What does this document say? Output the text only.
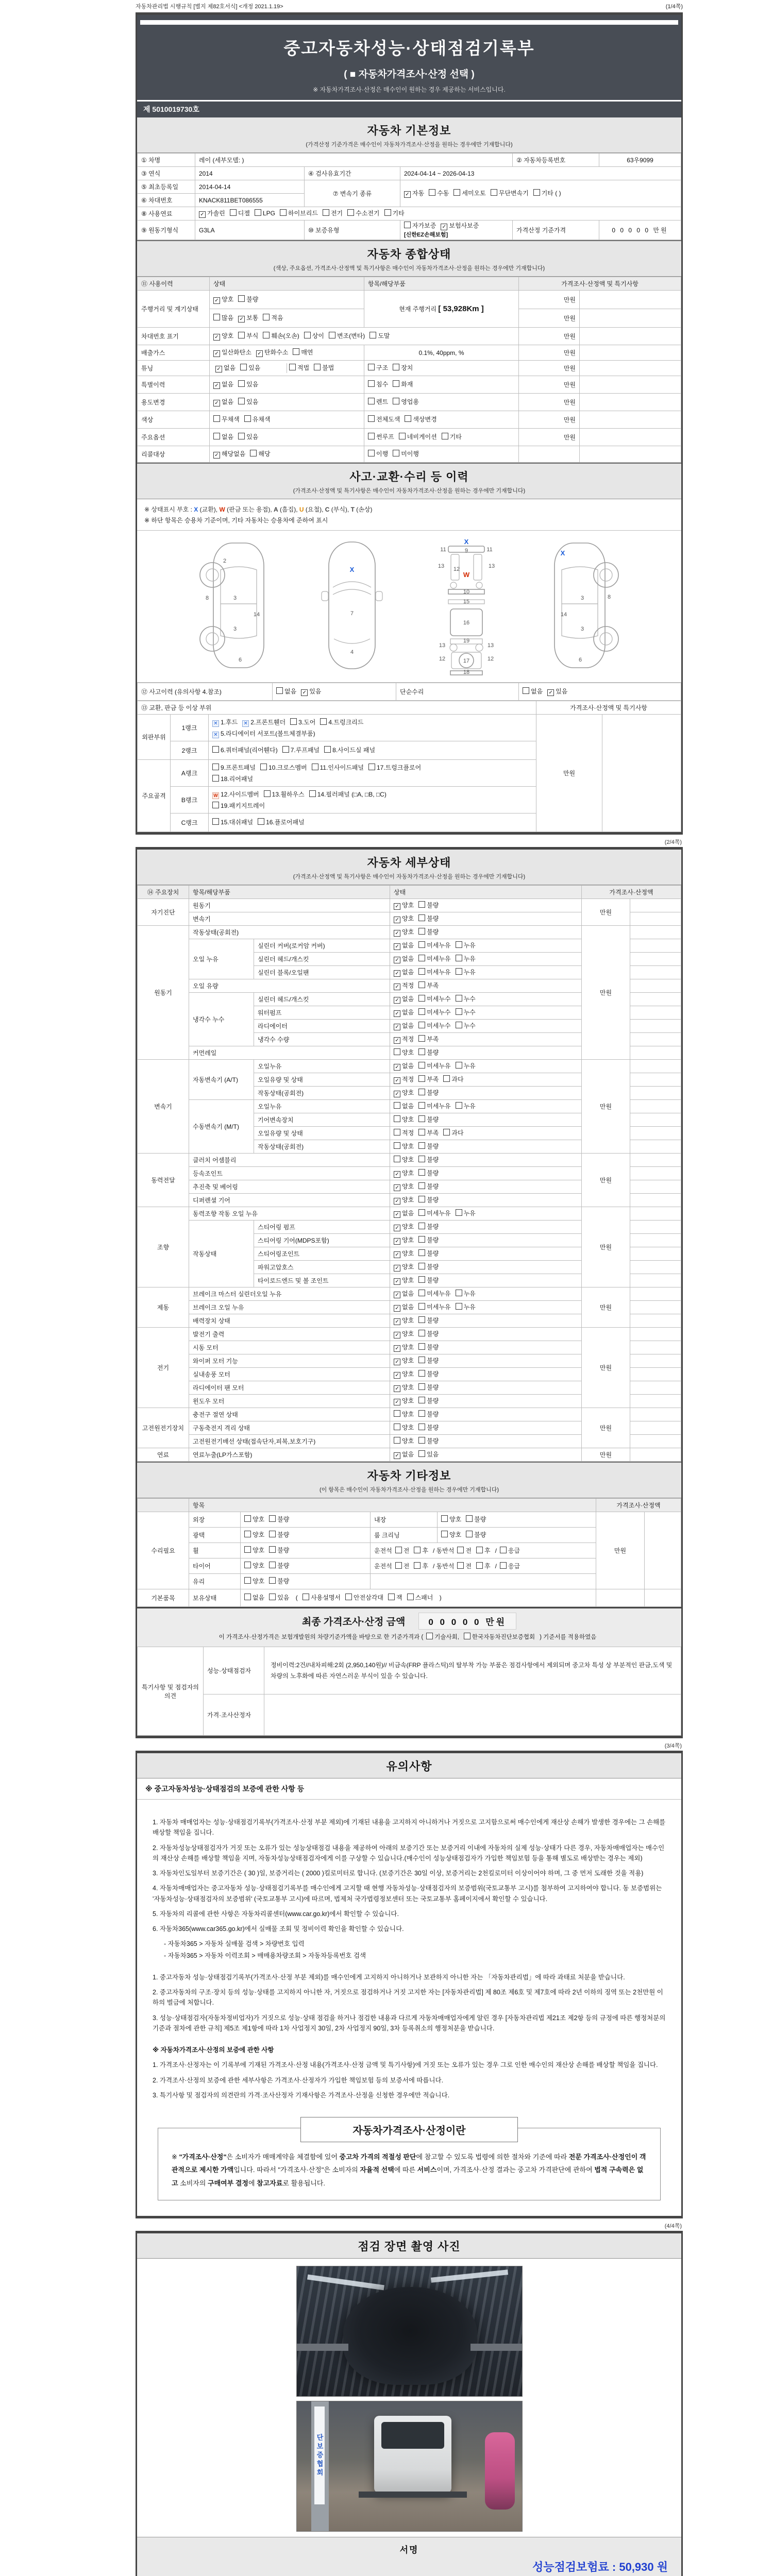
자동차관리법 시행규칙 [별지 제82호서식] <개정 2021.1.19>	(1/4쪽)
중고자동차성능·상태점검기록부
( ■ 자동차가격조사·산정 선택 )
※ 자동차가격조사·산정은 매수인이 원하는 경우 제공하는 서비스입니다.
제 5010019730호
자동차 기본정보
(가격산정 기준가격은 매수인이 자동차가격조사·산정을 원하는 경우에만 기재합니다)
① 차명	레이 (세부모델: )			② 자동차등록번호	63우9099
③ 연식	2014	④ 검사유효기간	2024-04-14 ~ 2026-04-13		
⑤ 최초등록일	2014-04-14	⑦ 변속기 종류	✓ 자동 수동 세미오토 무단변속기 기타 ( )		
⑥ 차대번호	KNACK811BET086555				
⑧ 사용연료	✓ 가솔린 디젤 LPG 하이브리드 전기 수소전기 기타				
⑨ 원동기형식	G3LA	⑩ 보증유형	자가보증 ✓ 보험사보증 [신한EZ손해보험]	가격산정 기준가격	0 0 0 0 0 만원
자동차 종합상태
(색상, 주요옵션, 가격조사·산정액 및 특기사항은 매수인이 자동차가격조사·산정을 원하는 경우에만 기재합니다)
⑪ 사용이력	상태	항목/해당부품	가격조사·산정액 및 특기사항	
주행거리 및 계기상태	✓ 양호 불량	현재 주행거리 [ 53,928Km ]	만원	
	많음 ✓ 보통 적음		만원	
차대번호 표기	✓ 양호 부식 훼손(오손) 상이 변조(변타) 도말		만원	
배출가스	✓ 일산화탄소 ✓ 탄화수소 매연	0.1%, 40ppm, %	만원	
튜닝	✓ 없음 있음 적법 불법	구조 장치	만원	
특별이력	✓ 없음 있음	침수 화재	만원	
용도변경	✓ 없음 있음	렌트 영업용	만원	
색상	무채색 유채색	전체도색 색상변경	만원	
주요옵션	없음 있음	썬루프 네비게이션 기타	만원	
리콜대상	✓ 해당없음 해당	이행 미이행		
사고·교환·수리 등 이력
(가격조사·산정액 및 특기사항은 매수인이 자동차가격조사·산정을 원하는 경우에만 기재합니다)
※ 상태표시 부호 : X (교환), W (판금 또는 용접), A (흠집), U (요철), C (부식), T (손상)
※ 하단 항목은 승용차 기준이며, 기타 자동차는 승용차에 준하여 표시
2
8	3
14
3
6
7
4
X
11	9	11
13 12	13
10
15
16
19
13	13
12	17	12
18
X
W
3	8
14
3
6
X
⑫ 사고이력 (유의사항 4.참조)	없음 ✓ 있음	단순수리	없음 ✓ 있음
⑬ 교환, 판금 등 이상 부위			가격조사·산정액 및 특기사항	
외판부위	1랭크	✕ 1.후드 ✕ 2.프론트휀더 3.도어 4.트렁크리드
✕ 5.라디에이터 서포트(볼트체결부품)	만원	
	2랭크	6.쿼터패널(리어휀다) 7.루프패널 8.사이드실 패널		
주요골격	A랭크	9.프론트패널 10.크로스멤버 11.인사이드패널 17.트렁크플로어
18.리어패널		
	B랭크	W 12.사이드멤버 13.휠하우스 14.필러패널 (□A, □B, □C)
19.패키지트레이		
	C랭크	15.대쉬패널 16.플로어패널		
(2/4쪽)
자동차 세부상태
(가격조사·산정액 및 특기사항은 매수인이 자동차가격조사·산정을 원하는 경우에만 기재합니다)
⑭ 주요장치	항목/해당부품		상태	가격조사·산정액	
자기진단	원동기		✓ 양호 불량	만원	
	변속기		✓ 양호 불량		
원동기	작동상태(공회전)		✓ 양호 불량	만원	
	오일 누유	실린더 커버(로커암 커버)	✓ 없음 미세누유 누유		
		실린더 헤드/개스킷	✓ 없음 미세누유 누유		
		실린더 블록/오일팬	✓ 없음 미세누유 누유		
	오일 유량		✓ 적정 부족		
	냉각수 누수	실린더 헤드/개스킷	✓ 없음 미세누수 누수		
		워터펌프	✓ 없음 미세누수 누수		
		라디에이터	✓ 없음 미세누수 누수		
		냉각수 수량	✓ 적정 부족		
	커먼레일		양호 불량		
변속기	자동변속기 (A/T)	오일누유	✓ 없음 미세누유 누유	만원	
		오일유량 및 상태	✓ 적정 부족 과다		
		작동상태(공회전)	✓ 양호 불량		
	수동변속기 (M/T)	오일누유	없음 미세누유 누유		
		기어변속장치	양호 불량		
		오일유량 및 상태	적정 부족 과다		
		작동상태(공회전)	양호 불량		
동력전달	클러치 어셈블리		양호 불량	만원	
	등속조인트		✓ 양호 불량		
	추진축 및 베어링		✓ 양호 불량		
	디퍼렌셜 기어		✓ 양호 불량		
조향	동력조향 작동 오일 누유		✓ 없음 미세누유 누유	만원	
	작동상태	스티어링 펌프	✓ 양호 불량		
		스티어링 기어(MDPS포함)	✓ 양호 불량		
		스티어링조인트	✓ 양호 불량		
		파워고압호스	✓ 양호 불량		
		타이로드엔드 및 볼 조인트	✓ 양호 불량		
제동	브레이크 마스터 실린더오일 누유		✓ 없음 미세누유 누유	만원	
	브레이크 오일 누유		✓ 없음 미세누유 누유		
	배력장치 상태		✓ 양호 불량		
전기	발전기 출력		✓ 양호 불량	만원	
	시동 모터		✓ 양호 불량		
	와이퍼 모터 기능		✓ 양호 불량		
	실내송풍 모터		✓ 양호 불량		
	라디에이터 팬 모터		✓ 양호 불량		
	윈도우 모터		✓ 양호 불량		
고전원전기장치	충전구 절연 상태		양호 불량	만원	
	구동축전지 격리 상태		양호 불량		
	고전원전기배선 상태(접속단자,피복,보호기구)		양호 불량		
연료	연료누출(LP가스포함)		✓ 없음 있음	만원	
자동차 기타정보
(이 항목은 매수인이 자동차가격조사·산정을 원하는 경우에만 기재합니다)
	항목				가격조사·산정액	
수리필요	외장	양호 불량	내장	양호 불량	만원	
	광택	양호 불량	룸 크리닝	양호 불량		
	휠	양호 불량	운전석 전 후 / 동반석 전 후 / 응급			
	타이어	양호 불량	운전석 전 후 / 동반석 전 후 / 응급			
	유리	양호 불량				
기본품목	보유상태	없음 있음 ( 사용설명서 안전삼각대 잭 스패너 )				
최종 가격조사·산정 금액	0 0 0 0 0 만원
이 가격조사·산정가격은 보험개발원의 차량기준가액을 바탕으로 한 기준가격과 ( 기술사회, 한국자동차진단보증협회 ) 기준서를 적용하였음
특기사항 및 점검자의 의견	성능·상태점검자	정비이력:2건//내차피해:2회 (2,950,140원)// 비금속(FRP 플라스틱)의 탈부착 가능 부품은 점검사항에서 제외되며 중고차 특성 상 부분적인 판금,도색 및 차량의 노후화에 따른 자연스러운 부식이 있을 수 있습니다.
	가격·조사산정자	
(3/4쪽)
유의사항
※ 중고자동차성능·상태점검의 보증에 관한 사항 등

1. 자동차 매매업자는 성능·상태점검기록부(가격조사·산정 부분 제외)에 기재된 내용을 고지하지 아니하거나 거짓으로 고지함으로써 매수인에게 재산상 손해가 발생한 경우에는 그 손해를 배상할 책임을 집니다.

2. 자동차성능상태점검자가 거짓 또는 오류가 있는 성능상태점검 내용을 제공하여 아래의 보증기간 또는 보증거리 이내에 자동차의 실제 성능·상태가 다른 경우, 자동차매매업자는 매수인의 재산상 손해를 배상할 책임을 지며, 자동차성능상태점검자에게 이를 구상할 수 있습니다.(매수인이 성능상태점검자가 가입한 책임보험 등을 통해 별도로 배상받는 경우는 제외)

3. 자동차인도일부터 보증기간은 ( 30 )일, 보증거리는 ( 2000 )킬로미터로 합니다. (보증기간은 30일 이상, 보증거리는 2천킬로미터 이상이어야 하며, 그 중 먼저 도래한 것을 적용)

4. 자동차매매업자는 중고자동차 성능·상태점검기록부를 매수인에게 고지할 때 현행 자동차성능·상태점검자의 보증범위(국토교통부 고시)를 첨부하여 고지하여야 합니다. 동 보증범위는 '자동차성능·상태점검자의 보증범위' (국토교통부 고시)에 따르며, 법제처 국가법령정보센터 또는 국토교통부 홈페이지에서 확인할 수 있습니다.

5. 자동차의 리콜에 관한 사항은 자동차리콜센터(www.car.go.kr)에서 확인할 수 있습니다.

6. 자동차365(www.car365.go.kr)에서 실매물 조회 및 정비이력 확인을 확인할 수 있습니다.

- 자동차365 > 자동차 실매물 검색 > 차량번호 입력
- 자동차365 > 자동차 이력조회 > 매매용차량조회 > 자동차등록번호 검색

1. 중고자동차 성능·상태점검기록부(가격조사·산정 부분 제외)를 매수인에게 고지하지 아니하거나 보관하지 아니한 자는 「자동차관리법」에 따라 과태료 처분을 받습니다.

2. 중고자동차의 구조·장치 등의 성능·상태를 고지하지 아니한 자, 거짓으로 점검하거나 거짓 고지한 자는 [자동차관리법] 제 80조 제6호 및 제7호에 따라 2년 이하의 징역 또는 2천만원 이하의 벌금에 처합니다.

3. 성능·상태점검자(자동차정비업자)가 거짓으로 성능·상태 점검을 하거나 점검한 내용과 다르게 자동차매매업자에게 알린 경우 [자동차관리법 제21조 제2항 등의 규정에 따른 행정처분의 기준과 절차에 관한 규칙] 제5조 제1항에 따라 1차 사업정지 30일, 2차 사업정지 90일, 3차 등록취소의 행정처분을 받습니다.

※ 자동차가격조사·산정의 보증에 관한 사항

1. 가격조사·산정자는 이 기록부에 기재된 가격조사·산정 내용(가격조사·산정 금액 및 특기사항)에 거짓 또는 오류가 있는 경우 그로 인한 매수인의 재산상 손해를 배상할 책임을 집니다.

2. 가격조사·산정의 보증에 관한 세부사항은 가격조사·산정자가 가입한 책임보험 등의 보증서에 따릅니다.

3. 특기사항 및 점검자의 의견란의 가격·조사산정자 기재사항은 가격조사·산정을 신청한 경우에만 적습니다.

자동차가격조사·산정이란
※ "가격조사·산정"은 소비자가 매매계약을 체결함에 있어 중고차 가격의 적절성 판단에 참고할 수 있도록 법령에 의한 절차와 기준에 따라 전문 가격조사·산정인이 객관적으로 제시한 가액입니다. 따라서 "가격조사·산정"은 소비자의 자율적 선택에 따른 서비스이며, 가격조사·산정 결과는 중고차 가격판단에 관하여 법적 구속력은 없고 소비자의 구매여부 결정에 참고자료로 활용됩니다.
(4/4쪽)
점검 장면 촬영 사진
단보증협회
서명
성능점검보험료 : 50,930 원
